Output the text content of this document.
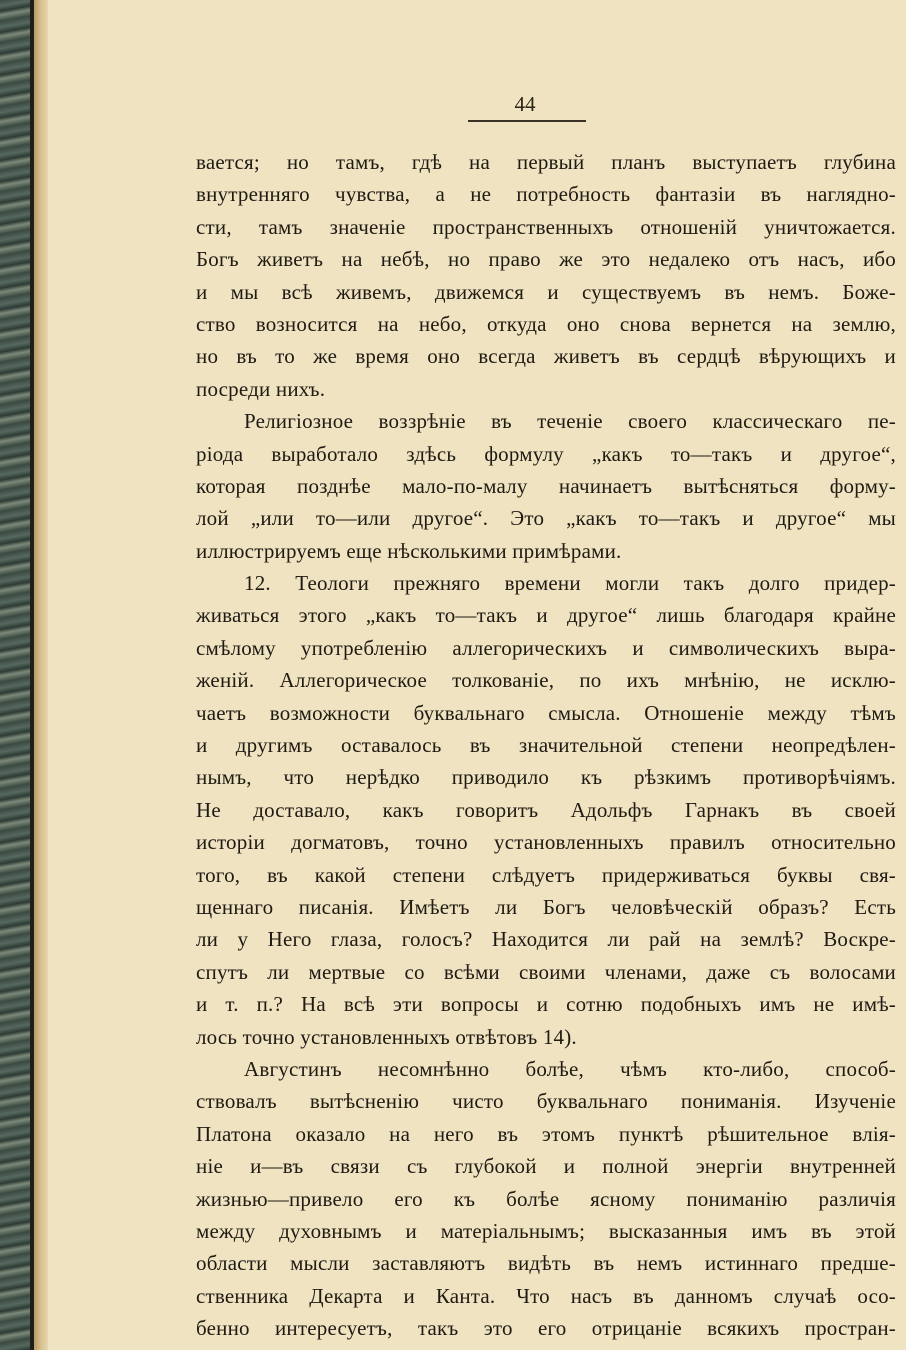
44
вается; но тамъ, гдѣ на первый планъ выступаетъ глубина
внутренняго чувства, а не потребность фантазіи въ наглядно-
сти, тамъ значеніе пространственныхъ отношеній уничтожается.
Богъ живетъ на небѣ, но право же это недалеко отъ насъ, ибо
и мы всѣ живемъ, движемся и существуемъ въ немъ. Боже-
ство возносится на небо, откуда оно снова вернется на землю,
но въ то же время оно всегда живетъ въ сердцѣ вѣрующихъ и
посреди нихъ.
Религіозное воззрѣніе въ теченіе своего классическаго пе-
ріода выработало здѣсь формулу „какъ то—такъ и другое“,
которая позднѣе мало-по-малу начинаетъ вытѣсняться форму-
лой „или то—или другое“. Это „какъ то—такъ и другое“ мы
иллюстрируемъ еще нѣсколькими примѣрами.
12. Теологи прежняго времени могли такъ долго придер-
живаться этого „какъ то—такъ и другое“ лишь благодаря крайне
смѣлому употребленію аллегорическихъ и символическихъ выра-
женій. Аллегорическое толкованіе, по ихъ мнѣнію, не исклю-
чаетъ возможности буквальнаго смысла. Отношеніе между тѣмъ
и другимъ оставалось въ значительной степени неопредѣлен-
нымъ, что нерѣдко приводило къ рѣзкимъ противорѣчіямъ.
Не доставало, какъ говоритъ Адольфъ Гарнакъ въ своей
исторіи догматовъ, точно установленныхъ правилъ относительно
того, въ какой степени слѣдуетъ придерживаться буквы свя-
щеннаго писанія. Имѣетъ ли Богъ человѣческій образъ? Есть
ли у Него глаза, голосъ? Находится ли рай на землѣ? Воскре-
спутъ ли мертвые со всѣми своими членами, даже съ волосами
и т. п.? На всѣ эти вопросы и сотню подобныхъ имъ не имѣ-
лось точно установленныхъ отвѣтовъ 14).
Августинъ несомнѣнно болѣе, чѣмъ кто-либо, способ-
ствовалъ вытѣсненію чисто буквальнаго пониманія. Изученіе
Платона оказало на него въ этомъ пунктѣ рѣшительное влія-
ніе и—въ связи съ глубокой и полной энергіи внутренней
жизнью—привело его къ болѣе ясному пониманію различія
между духовнымъ и матеріальнымъ; высказанныя имъ въ этой
области мысли заставляютъ видѣть въ немъ истиннаго предше-
ственника Декарта и Канта. Что насъ въ данномъ случаѣ осо-
бенно интересуетъ, такъ это его отрицаніе всякихъ простран-
